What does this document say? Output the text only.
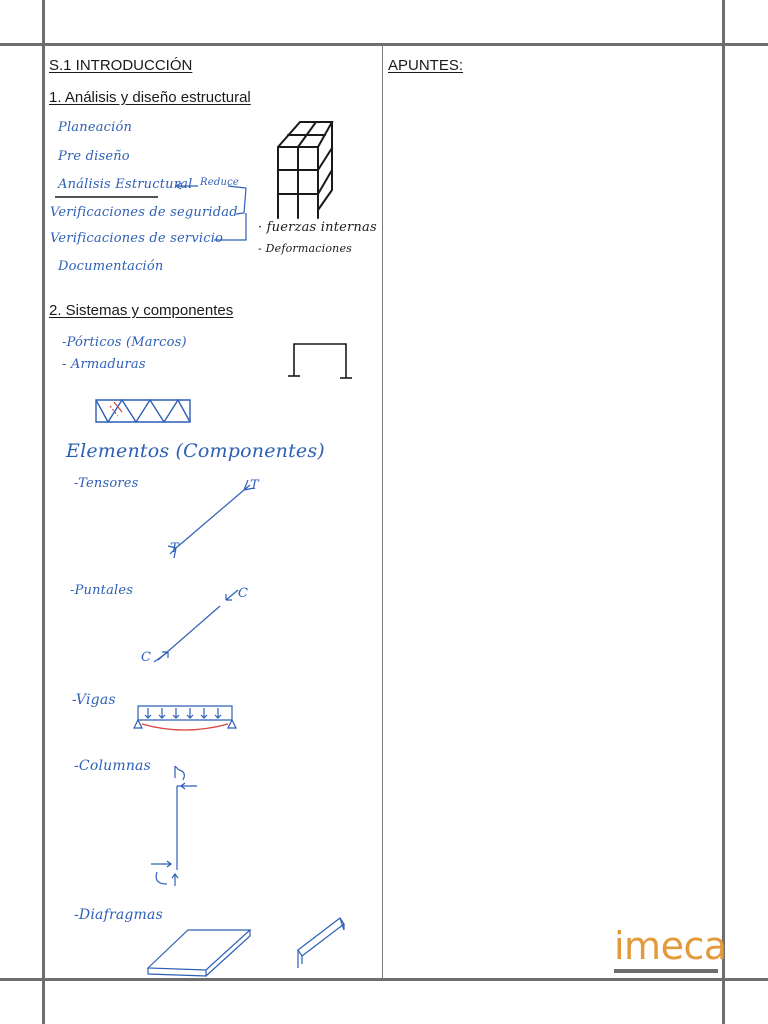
S.1 INTRODUCCIÓN	APUNTES:
1. Análisis y diseño estructural
Planeación
Pre diseño
Análisis Estructural
Verificaciones de seguridad
Verificaciones de servicio
Documentación
Reduce
· fuerzas internas
- Deformaciones
2. Sistemas y componentes
-Pórticos (Marcos)
- Armaduras
Elementos (Componentes)
-Tensores
-Puntales
-Vigas
-Columnas
-Diafragmas
T
T
C
C
imeca
